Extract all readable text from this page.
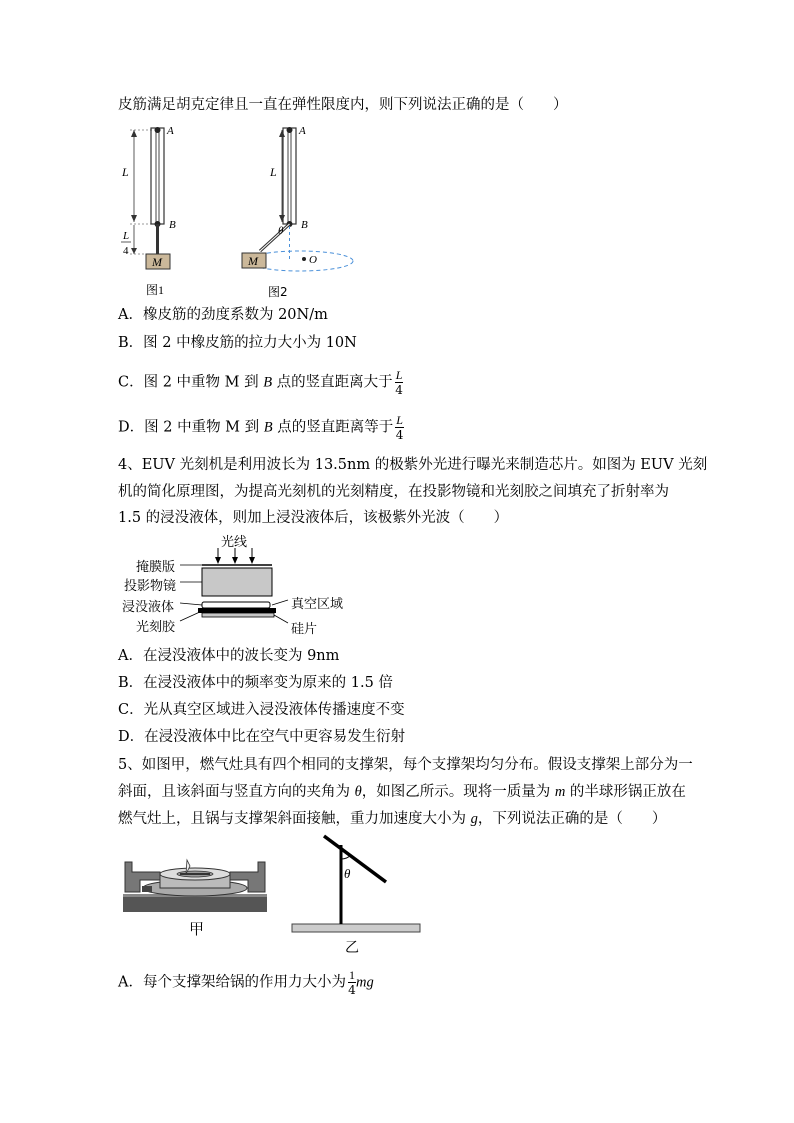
皮筋满足胡克定律且一直在弹性限度内，则下列说法正确的是（　　）
M
A
B
L
L
4
图1
O
M
θ
A
B
L
图2
A．橡皮筋的劲度系数为 20N/m
B．图 2 中橡皮筋的拉力大小为 10N
C．图 2 中重物 M 到 B 点的竖直距离大于 $\frac{L}{4}$
D．图 2 中重物 M 到 B 点的竖直距离等于 $\frac{L}{4}$
4、EUV 光刻机是利用波长为 13.5nm 的极紫外光进行曝光来制造芯片。如图为 EUV 光刻
机的简化原理图，为提高光刻机的光刻精度，在投影物镜和光刻胶之间填充了折射率为
1.5 的浸没液体，则加上浸没液体后，该极紫外光波（　　）
光线
掩膜版
投影物镜
浸没液体
光刻胶
真空区域
硅片
A．在浸没液体中的波长变为 9nm
B．在浸没液体中的频率变为原来的 1.5 倍
C．光从真空区域进入浸没液体传播速度不变
D．在浸没液体中比在空气中更容易发生衍射
5、如图甲，燃气灶具有四个相同的支撑架，每个支撑架均匀分布。假设支撑架上部分为一
斜面，且该斜面与竖直方向的夹角为 θ，如图乙所示。现将一质量为 m 的半球形锅正放在
燃气灶上，且锅与支撑架斜面接触，重力加速度大小为 g，下列说法正确的是（　　）
甲
θ
乙
A．每个支撑架给锅的作用力大小为 $\frac{1}{4}$ mg
